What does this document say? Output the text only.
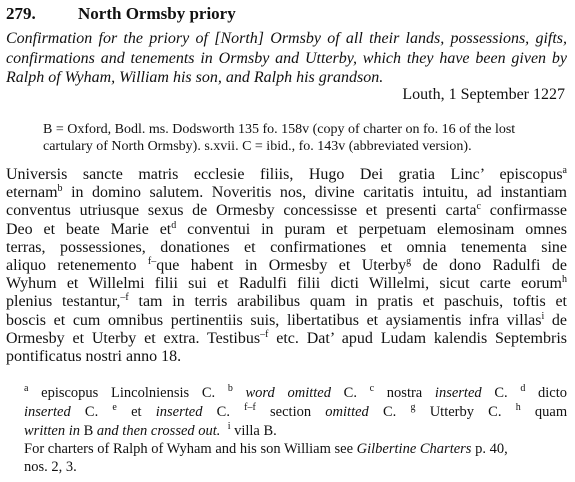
279. North Ormsby priory
Confirmation for the priory of [North] Ormsby of all their lands, possessions, gifts, confirmations and tenements in Ormsby and Utterby, which they have been given by Ralph of Wyham, William his son, and Ralph his grandson.
Louth, 1 September 1227
B = Oxford, Bodl. ms. Dodsworth 135 fo. 158v (copy of charter on fo. 16 of the lost
cartulary of North Ormsby). s.xvii. C = ibid., fo. 143v (abbreviated version).
Universis sancte matris ecclesie filiis, Hugo Dei gratia Linc’ episcopus$^a$
eternam$^b$ in domino salutem. Noveritis nos, divine caritatis intuitu, ad instantiam
conventus utriusque sexus de Ormesby concessisse et presenti carta$^c$ confirmasse
Deo et beate Marie $et^d$ conventui in puram et perpetuam elemosinam omnes
terras, possessiones, donationes et confirmationes et omnia tenementa sine
aliquo retenemento $^{f-}$que habent in Ormesby et Uterby$^g$ de dono Radulfi de
Wyhum et Willelmi filii sui et Radulfi filii dicti Willelmi, sicut carte eorum$^h$
plenius testantur,$^{-f}$ tam in terris arabilibus quam in pratis et paschuis, toftis et
boscis et cum omnibus pertinentiis suis, libertatibus et aysiamentis infra villas$^i$ de
Ormesby et Uterby et extra. Testibus$^{-f}$ etc. Dat’ apud Ludam kalendis Septembris
pontificatus nostri anno 18.
$^a$ episcopus Lincolniensis C. $^b$ word omitted C. $^c$ nostra inserted C. $^d$ dicto
inserted C. $^e$ et inserted C. $^{f-f}$ section omitted C. $^g$ Utterby C. $^h$ quam
written in B and then crossed out. $^i$ villa B.
For charters of Ralph of Wyham and his son William see Gilbertine Charters p. 40,
nos. 2, 3.
